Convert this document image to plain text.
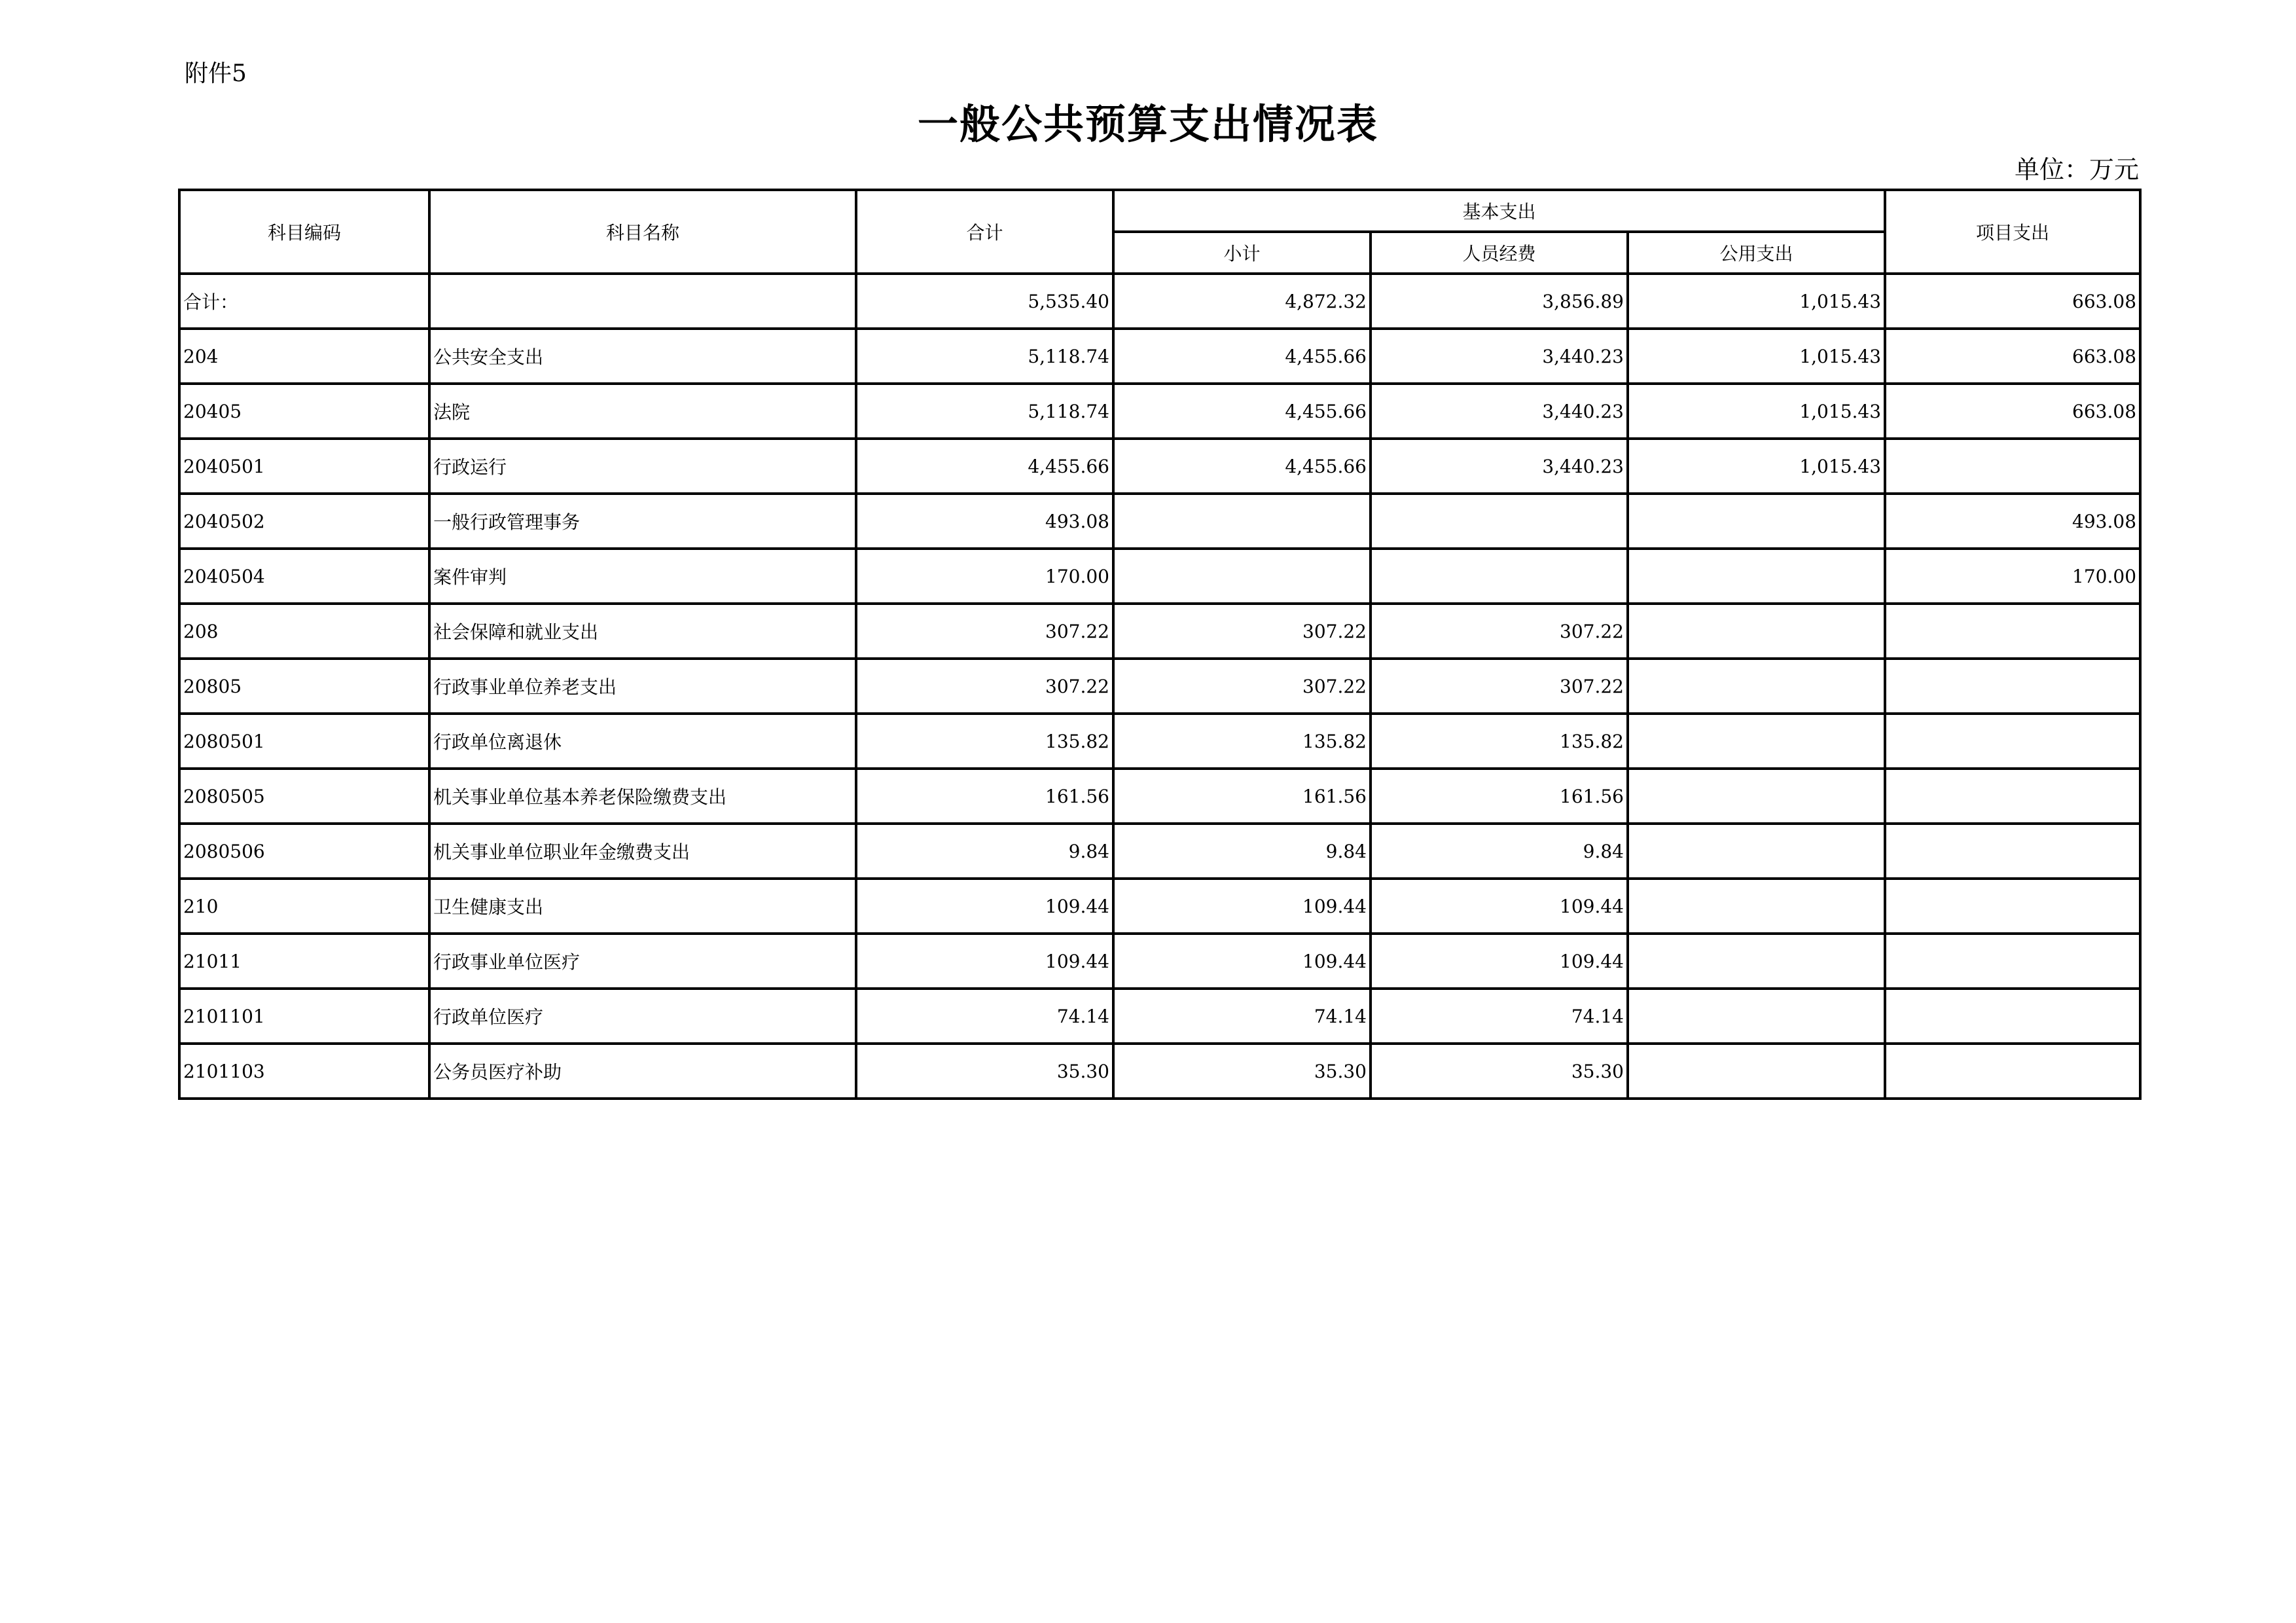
附件5
一般公共预算支出情况表
单位：万元
科目编码	科目名称	合计	基本支出			项目支出
			小计	人员经费	公用支出	
合计：		5,535.40	4,872.32	3,856.89	1,015.43	663.08
204	公共安全支出	5,118.74	4,455.66	3,440.23	1,015.43	663.08
20405	法院	5,118.74	4,455.66	3,440.23	1,015.43	663.08
2040501	行政运行	4,455.66	4,455.66	3,440.23	1,015.43	
2040502	一般行政管理事务	493.08				493.08
2040504	案件审判	170.00				170.00
208	社会保障和就业支出	307.22	307.22	307.22		
20805	行政事业单位养老支出	307.22	307.22	307.22		
2080501	行政单位离退休	135.82	135.82	135.82		
2080505	机关事业单位基本养老保险缴费支出	161.56	161.56	161.56		
2080506	机关事业单位职业年金缴费支出	9.84	9.84	9.84		
210	卫生健康支出	109.44	109.44	109.44		
21011	行政事业单位医疗	109.44	109.44	109.44		
2101101	行政单位医疗	74.14	74.14	74.14		
2101103	公务员医疗补助	35.30	35.30	35.30		
